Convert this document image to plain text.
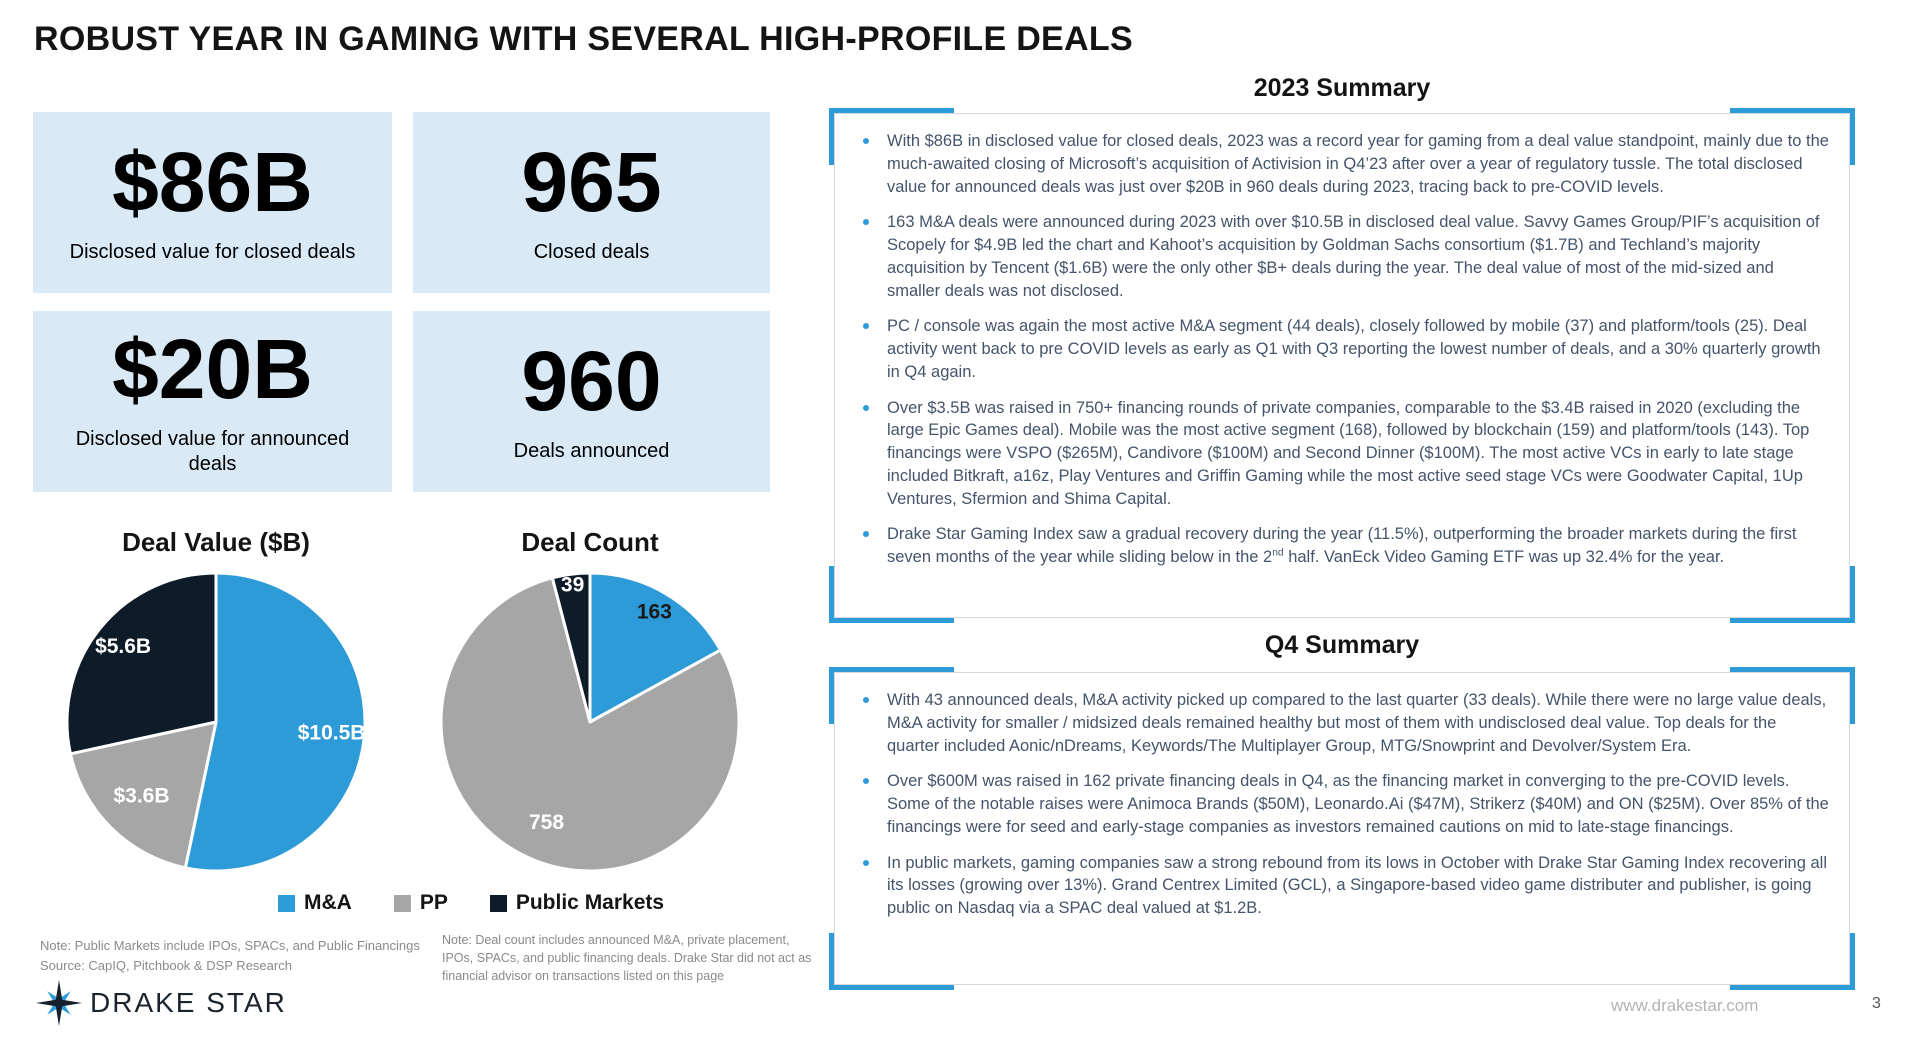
ROBUST YEAR IN GAMING WITH SEVERAL HIGH-PROFILE DEALS
$86B
Disclosed value for closed deals
965
Closed deals
$20B
Disclosed value for announced deals
960
Deals announced
Deal Value ($B)
$10.5B
$3.6B
$5.6B
Deal Count
163
758
39
M&A	PP	Public Markets
Note: Public Markets include IPOs, SPACs, and Public Financings
Source: CapIQ, Pitchbook & DSP Research
Note: Deal count includes announced M&A, private placement,
IPOs, SPACs, and public financing deals. Drake Star did not act as
financial advisor on transactions listed on this page
2023 Summary
With $86B in disclosed value for closed deals, 2023 was a record year for gaming from a deal value standpoint, mainly due to the much-awaited closing of Microsoft’s acquisition of Activision in Q4’23 after over a year of regulatory tussle. The total disclosed value for announced deals was just over $20B in 960 deals during 2023, tracing back to pre-COVID levels.
163 M&A deals were announced during 2023 with over $10.5B in disclosed deal value. Savvy Games Group/PIF’s acquisition of Scopely for $4.9B led the chart and Kahoot’s acquisition by Goldman Sachs consortium ($1.7B) and Techland’s majority acquisition by Tencent ($1.6B) were the only other $B+ deals during the year. The deal value of most of the mid-sized and smaller deals was not disclosed.
PC / console was again the most active M&A segment (44 deals), closely followed by mobile (37) and platform/tools (25). Deal activity went back to pre COVID levels as early as Q1 with Q3 reporting the lowest number of deals, and a 30% quarterly growth in Q4 again.
Over $3.5B was raised in 750+ financing rounds of private companies, comparable to the $3.4B raised in 2020 (excluding the large Epic Games deal). Mobile was the most active segment (168), followed by blockchain (159) and platform/tools (143). Top financings were VSPO ($265M), Candivore ($100M) and Second Dinner ($100M). The most active VCs in early to late stage included Bitkraft, a16z, Play Ventures and Griffin Gaming while the most active seed stage VCs were Goodwater Capital, 1Up Ventures, Sfermion and Shima Capital.
Drake Star Gaming Index saw a gradual recovery during the year (11.5%), outperforming the broader markets during the first seven months of the year while sliding below in the 2nd half. VanEck Video Gaming ETF was up 32.4% for the year.
Q4 Summary
With 43 announced deals, M&A activity picked up compared to the last quarter (33 deals). While there were no large value deals, M&A activity for smaller / midsized deals remained healthy but most of them with undisclosed deal value. Top deals for the quarter included Aonic/nDreams, Keywords/The Multiplayer Group, MTG/Snowprint and Devolver/System Era.
Over $600M was raised in 162 private financing deals in Q4, as the financing market in converging to the pre-COVID levels. Some of the notable raises were Animoca Brands ($50M), Leonardo.Ai ($47M), Strikerz ($40M) and ON ($25M). Over 85% of the financings were for seed and early-stage companies as investors remained cautions on mid to late-stage financings.
In public markets, gaming companies saw a strong rebound from its lows in October with Drake Star Gaming Index recovering all its losses (growing over 13%). Grand Centrex Limited (GCL), a Singapore-based video game distributer and publisher, is going public on Nasdaq via a SPAC deal valued at $1.2B.
DRAKE STAR	www.drakestar.com	3
